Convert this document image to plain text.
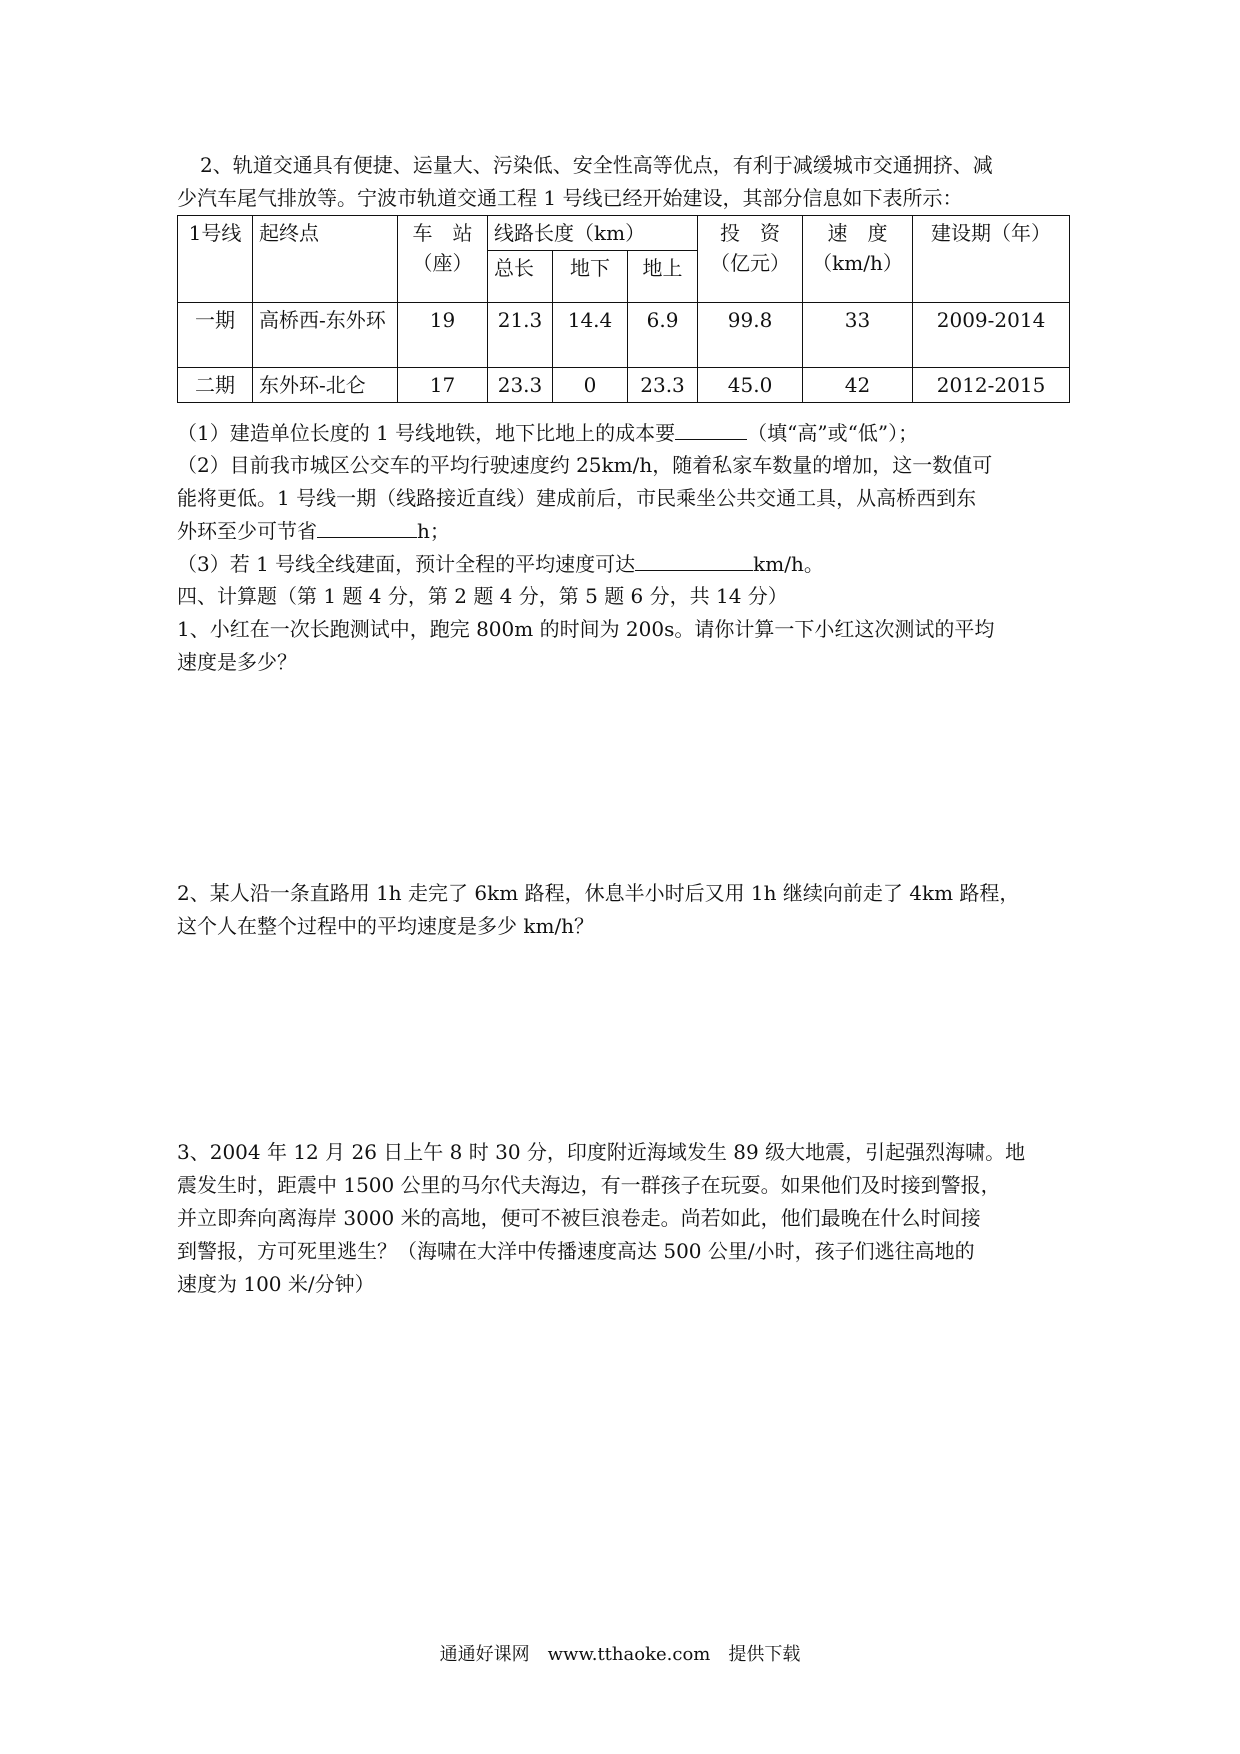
2、轨道交通具有便捷、运量大、污染低、安全性高等优点，有利于减缓城市交通拥挤、减
少汽车尾气排放等。宁波市轨道交通工程 1 号线已经开始建设，其部分信息如下表所示：
1号线	起终点	车　站（座）	线路长度（km）			投　资（亿元）	速　度（km/h）	建设期（年）
			总长	地下	地上			
一期	高桥西-东外环	19	21.3	14.4	6.9	99.8	33	2009-2014
二期	东外环-北仑	17	23.3	0	23.3	45.0	42	2012-2015
（1）建造单位长度的 1 号线地铁，地下比地上的成本要	（填“高”或“低”）；
（2）目前我市城区公交车的平均行驶速度约 25km/h，随着私家车数量的增加，这一数值可
能将更低。1 号线一期（线路接近直线）建成前后，市民乘坐公共交通工具，从高桥西到东
外环至少可节省	h；
（3）若 1 号线全线建面，预计全程的平均速度可达	km/h。
四、计算题（第 1 题 4 分，第 2 题 4 分，第 5 题 6 分，共 14 分）
1、小红在一次长跑测试中，跑完 800m 的时间为 200s。请你计算一下小红这次测试的平均
速度是多少？
2、某人沿一条直路用 1h 走完了 6km 路程，休息半小时后又用 1h 继续向前走了 4km 路程，
这个人在整个过程中的平均速度是多少 km/h？
3、2004 年 12 月 26 日上午 8 时 30 分，印度附近海域发生 89 级大地震，引起强烈海啸。地
震发生时，距震中 1500 公里的马尔代夫海边，有一群孩子在玩耍。如果他们及时接到警报，
并立即奔向离海岸 3000 米的高地，便可不被巨浪卷走。尚若如此，他们最晚在什么时间接
到警报，方可死里逃生？（海啸在大洋中传播速度高达 500 公里/小时，孩子们逃往高地的
速度为 100 米/分钟）
通通好课网　www.tthaoke.com　提供下载
